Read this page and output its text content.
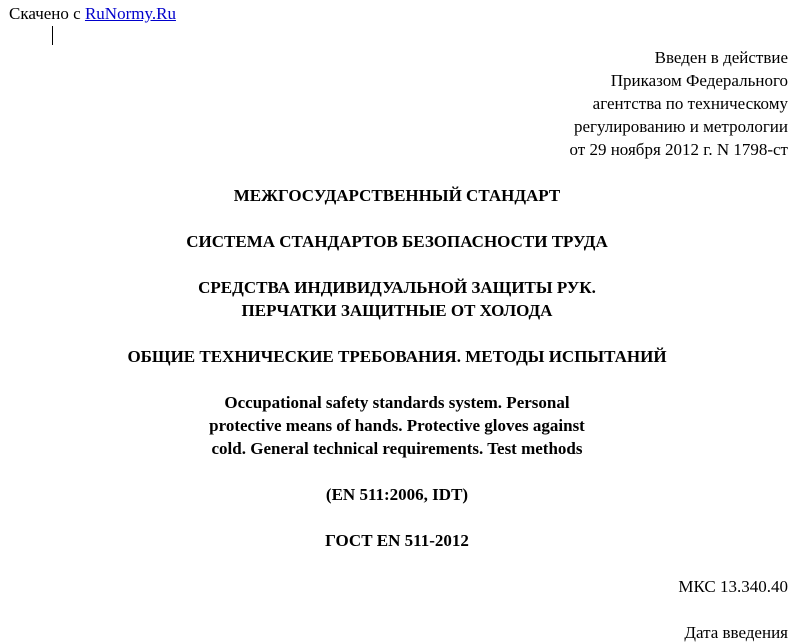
Скачено с RuNormy.Ru
Введен в действие
Приказом Федерального
агентства по техническому
регулированию и метрологии
от 29 ноября 2012 г. N 1798-ст
МЕЖГОСУДАРСТВЕННЫЙ СТАНДАРТ
СИСТЕМА СТАНДАРТОВ БЕЗОПАСНОСТИ ТРУДА
СРЕДСТВА ИНДИВИДУАЛЬНОЙ ЗАЩИТЫ РУК.
ПЕРЧАТКИ ЗАЩИТНЫЕ ОТ ХОЛОДА
ОБЩИЕ ТЕХНИЧЕСКИЕ ТРЕБОВАНИЯ. МЕТОДЫ ИСПЫТАНИЙ
Occupational safety standards system. Personal
protective means of hands. Protective gloves against
cold. General technical requirements. Test methods
(EN 511:2006, IDT)
ГОСТ EN 511-2012
МКС 13.340.40
Дата введения
